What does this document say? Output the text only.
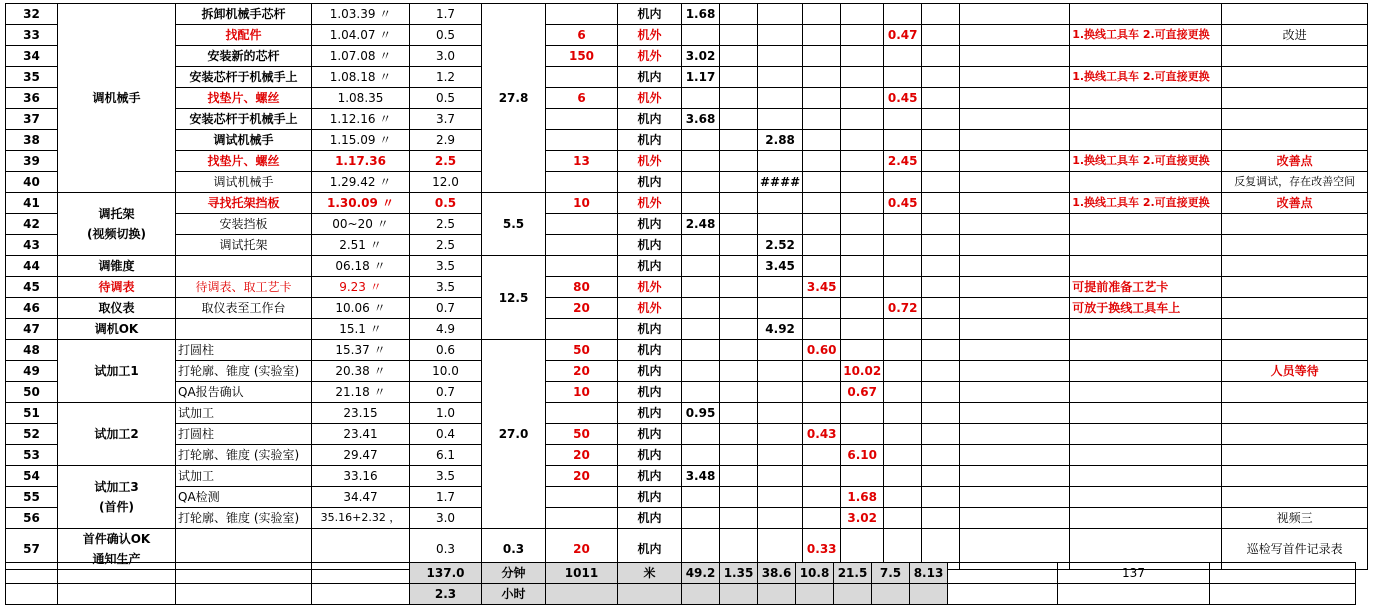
32	调机械手	拆卸机械手芯杆	1.03.39 〃	1.7	27.8		机内	1.68									
33		找配件	1.04.07 〃	0.5		6	机外						0.47			1.换线工具车 2.可直接更换	改进
34		安装新的芯杆	1.07.08 〃	3.0		150	机外	3.02									
35		安装芯杆于机械手上	1.08.18 〃	1.2			机内	1.17								1.换线工具车 2.可直接更换	
36		找垫片、螺丝	1.08.35	0.5		6	机外						0.45				
37		安装芯杆于机械手上	1.12.16 〃	3.7			机内	3.68									
38		调试机械手	1.15.09 〃	2.9			机内			2.88							
39		找垫片、螺丝	1.17.36	2.5		13	机外						2.45			1.换线工具车 2.可直接更换	改善点
40		调试机械手	1.29.42 〃	12.0			机内			####							反复调试，存在改善空间
41	调托架
(视频切换)	寻找托架挡板	1.30.09 〃	0.5	5.5	10	机外						0.45			1.换线工具车 2.可直接更换	改善点
42		安装挡板	00~20 〃	2.5			机内	2.48									
43		调试托架	2.51 〃	2.5			机内			2.52							
44	调锥度		06.18 〃	3.5	12.5		机内			3.45							
45	待调表	待调表、取工艺卡	9.23 〃	3.5		80	机外				3.45					可提前准备工艺卡	
46	取仪表	取仪表至工作台	10.06 〃	0.7		20	机外						0.72			可放于换线工具车上	
47	调机OK		15.1 〃	4.9			机内			4.92							
48	试加工1	打圆柱	15.37 〃	0.6	27.0	50	机内				0.60						
49		打轮廓、锥度 (实验室)	20.38 〃	10.0		20	机内					10.02					人员等待
50		QA报告确认	21.18 〃	0.7		10	机内					0.67					
51	试加工2	试加工	23.15	1.0			机内	0.95									
52		打圆柱	23.41	0.4		50	机内				0.43						
53		打轮廓、锥度 (实验室)	29.47	6.1		20	机内					6.10					
54	试加工3
(首件)	试加工	33.16	3.5		20	机内	3.48									
55		QA检测	34.47	1.7			机内					1.68					
56		打轮廓、锥度 (实验室)	35.16+2.32 ，	3.0			机内					3.02					视频三
57	首件确认OK
通知生产			0.3	0.3	20	机内				0.33						巡检写首件记录表
				137.0	分钟	1011	米	49.2	1.35	38.6	10.8	21.5	7.5	8.13		137	
				2.3	小时												
